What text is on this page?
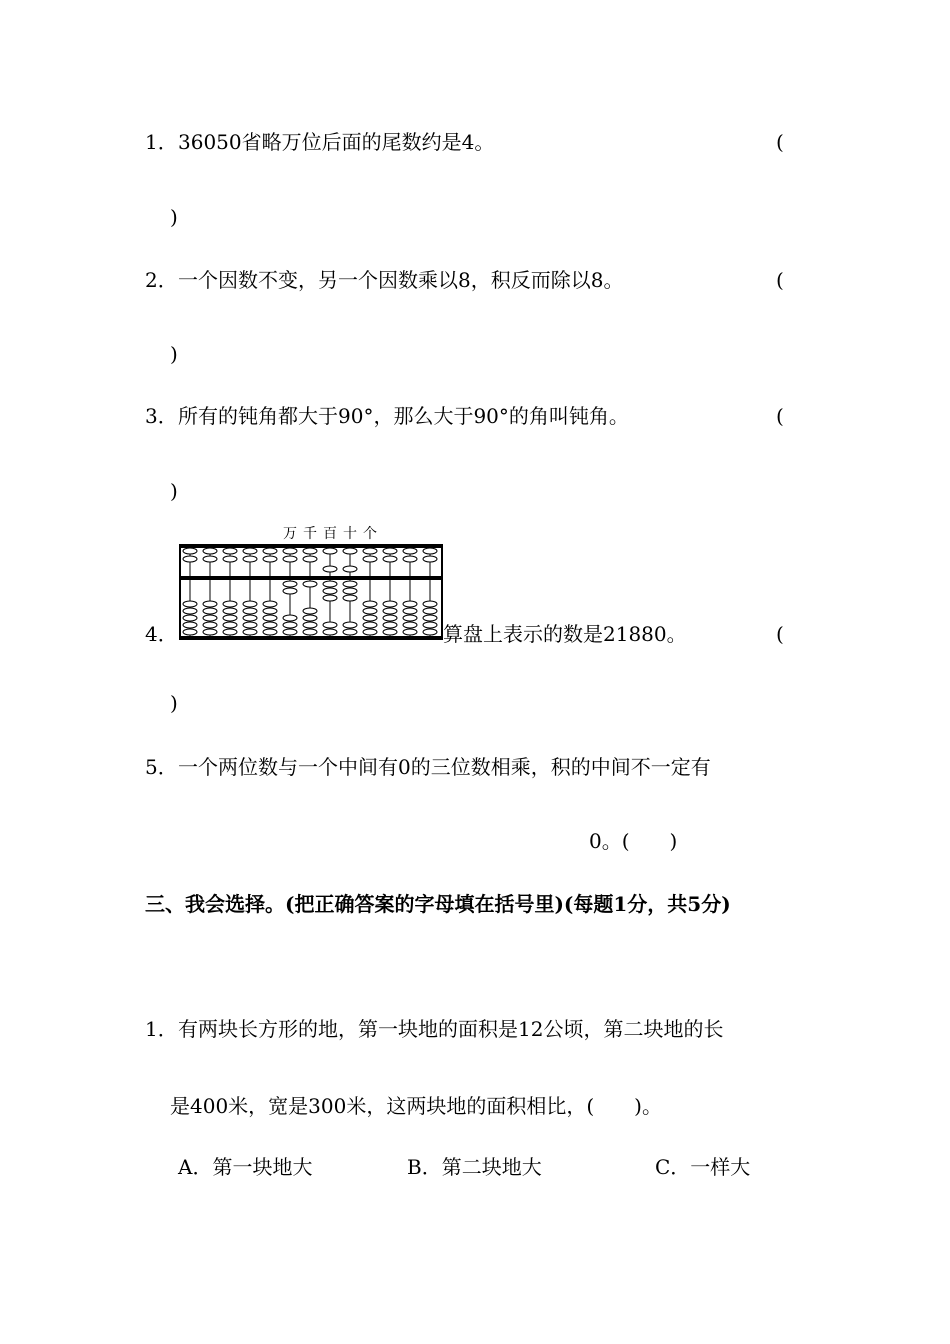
1． 36050省略万位后面的尾数约是4。	(
)
2． 一个因数不变，另一个因数乘以8，积反而除以8。	(
)
3． 所有的钝角都大于90°，那么大于90°的角叫钝角。	(
)
万 千 百 十 个
4．	算盘上表示的数是21880。	(
)
5． 一个两位数与一个中间有0的三位数相乘，积的中间不一定有
0。(　　)
三、我会选择。(把正确答案的字母填在括号里)(每题1分，共5分)
1． 有两块长方形的地，第一块地的面积是12公顷，第二块地的长
是400米，宽是300米，这两块地的面积相比，(　　)。
A．第一块地大	B．第二块地大	C．一样大
